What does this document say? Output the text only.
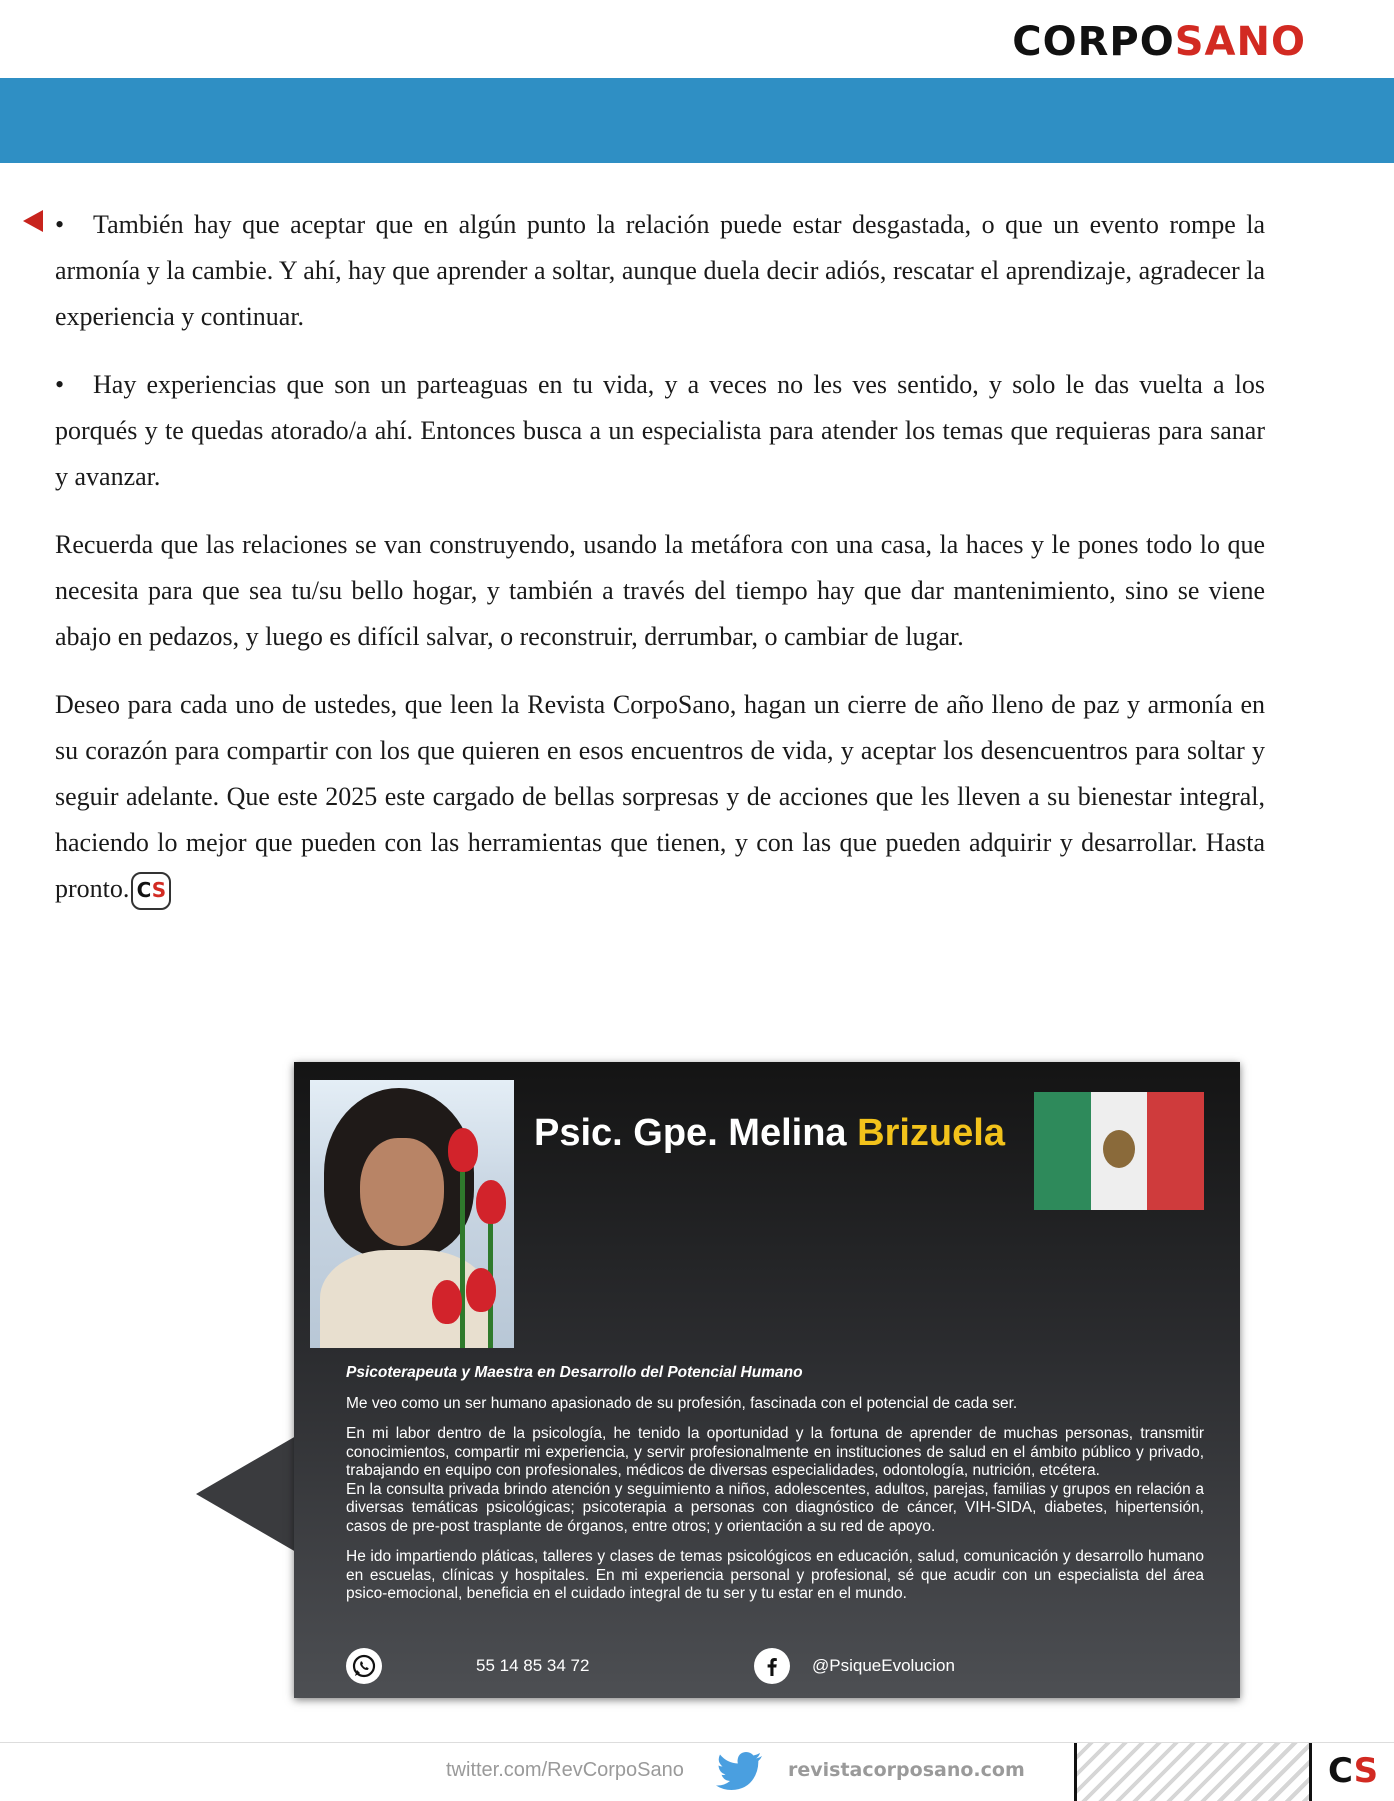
CORPOSANO

• También hay que aceptar que en algún punto la relación puede estar desgastada, o que un evento rompe la armonía y la cambie. Y ahí, hay que aprender a soltar, aunque duela decir adiós, rescatar el aprendizaje, agradecer la experiencia y continuar.

• Hay experiencias que son un parteaguas en tu vida, y a veces no les ves sentido, y solo le das vuelta a los porqués y te quedas atorado/a ahí. Entonces busca a un especialista para atender los temas que requieras para sanar y avanzar.

Recuerda que las relaciones se van construyendo, usando la metáfora con una casa, la haces y le pones todo lo que necesita para que sea tu/su bello hogar, y también a través del tiempo hay que dar mantenimiento, sino se viene abajo en pedazos, y luego es difícil salvar, o reconstruir, derrumbar, o cambiar de lugar.

Deseo para cada uno de ustedes, que leen la Revista CorpoSano, hagan un cierre de año lleno de paz y armonía en su corazón para compartir con los que quieren en esos encuentros de vida, y aceptar los desencuentros para soltar y seguir adelante. Que este 2025 este cargado de bellas sorpresas y de acciones que les lleven a su bienestar integral, haciendo lo mejor que pueden con las herramientas que tienen, y con las que pueden adquirir y desarrollar. Hasta pronto. CS

Psic. Gpe. Melina Brizuela

Psicoterapeuta y Maestra en Desarrollo del Potencial Humano

Me veo como un ser humano apasionado de su profesión, fascinada con el potencial de cada ser.

En mi labor dentro de la psicología, he tenido la oportunidad y la fortuna de aprender de muchas personas, transmitir conocimientos, compartir mi experiencia, y servir profesionalmente en instituciones de salud en el ámbito público y privado, trabajando en equipo con profesionales, médicos de diversas especialidades, odontología, nutrición, etcétera.

En la consulta privada brindo atención y seguimiento a niños, adolescentes, adultos, parejas, familias y grupos en relación a diversas temáticas psicológicas; psicoterapia a personas con diagnóstico de cáncer, VIH-SIDA, diabetes, hipertensión, casos de pre-post trasplante de órganos, entre otros; y orientación a su red de apoyo.

He ido impartiendo pláticas, talleres y clases de temas psicológicos en educación, salud, comunicación y desarrollo humano en escuelas, clínicas y hospitales. En mi experiencia personal y profesional, sé que acudir con un especialista del área psico-emocional, beneficia en el cuidado integral de tu ser y tu estar en el mundo.

55 14 85 34 72	@PsiqueEvolucion
twitter.com/RevCorpoSano	revistacorposano.com	CS
